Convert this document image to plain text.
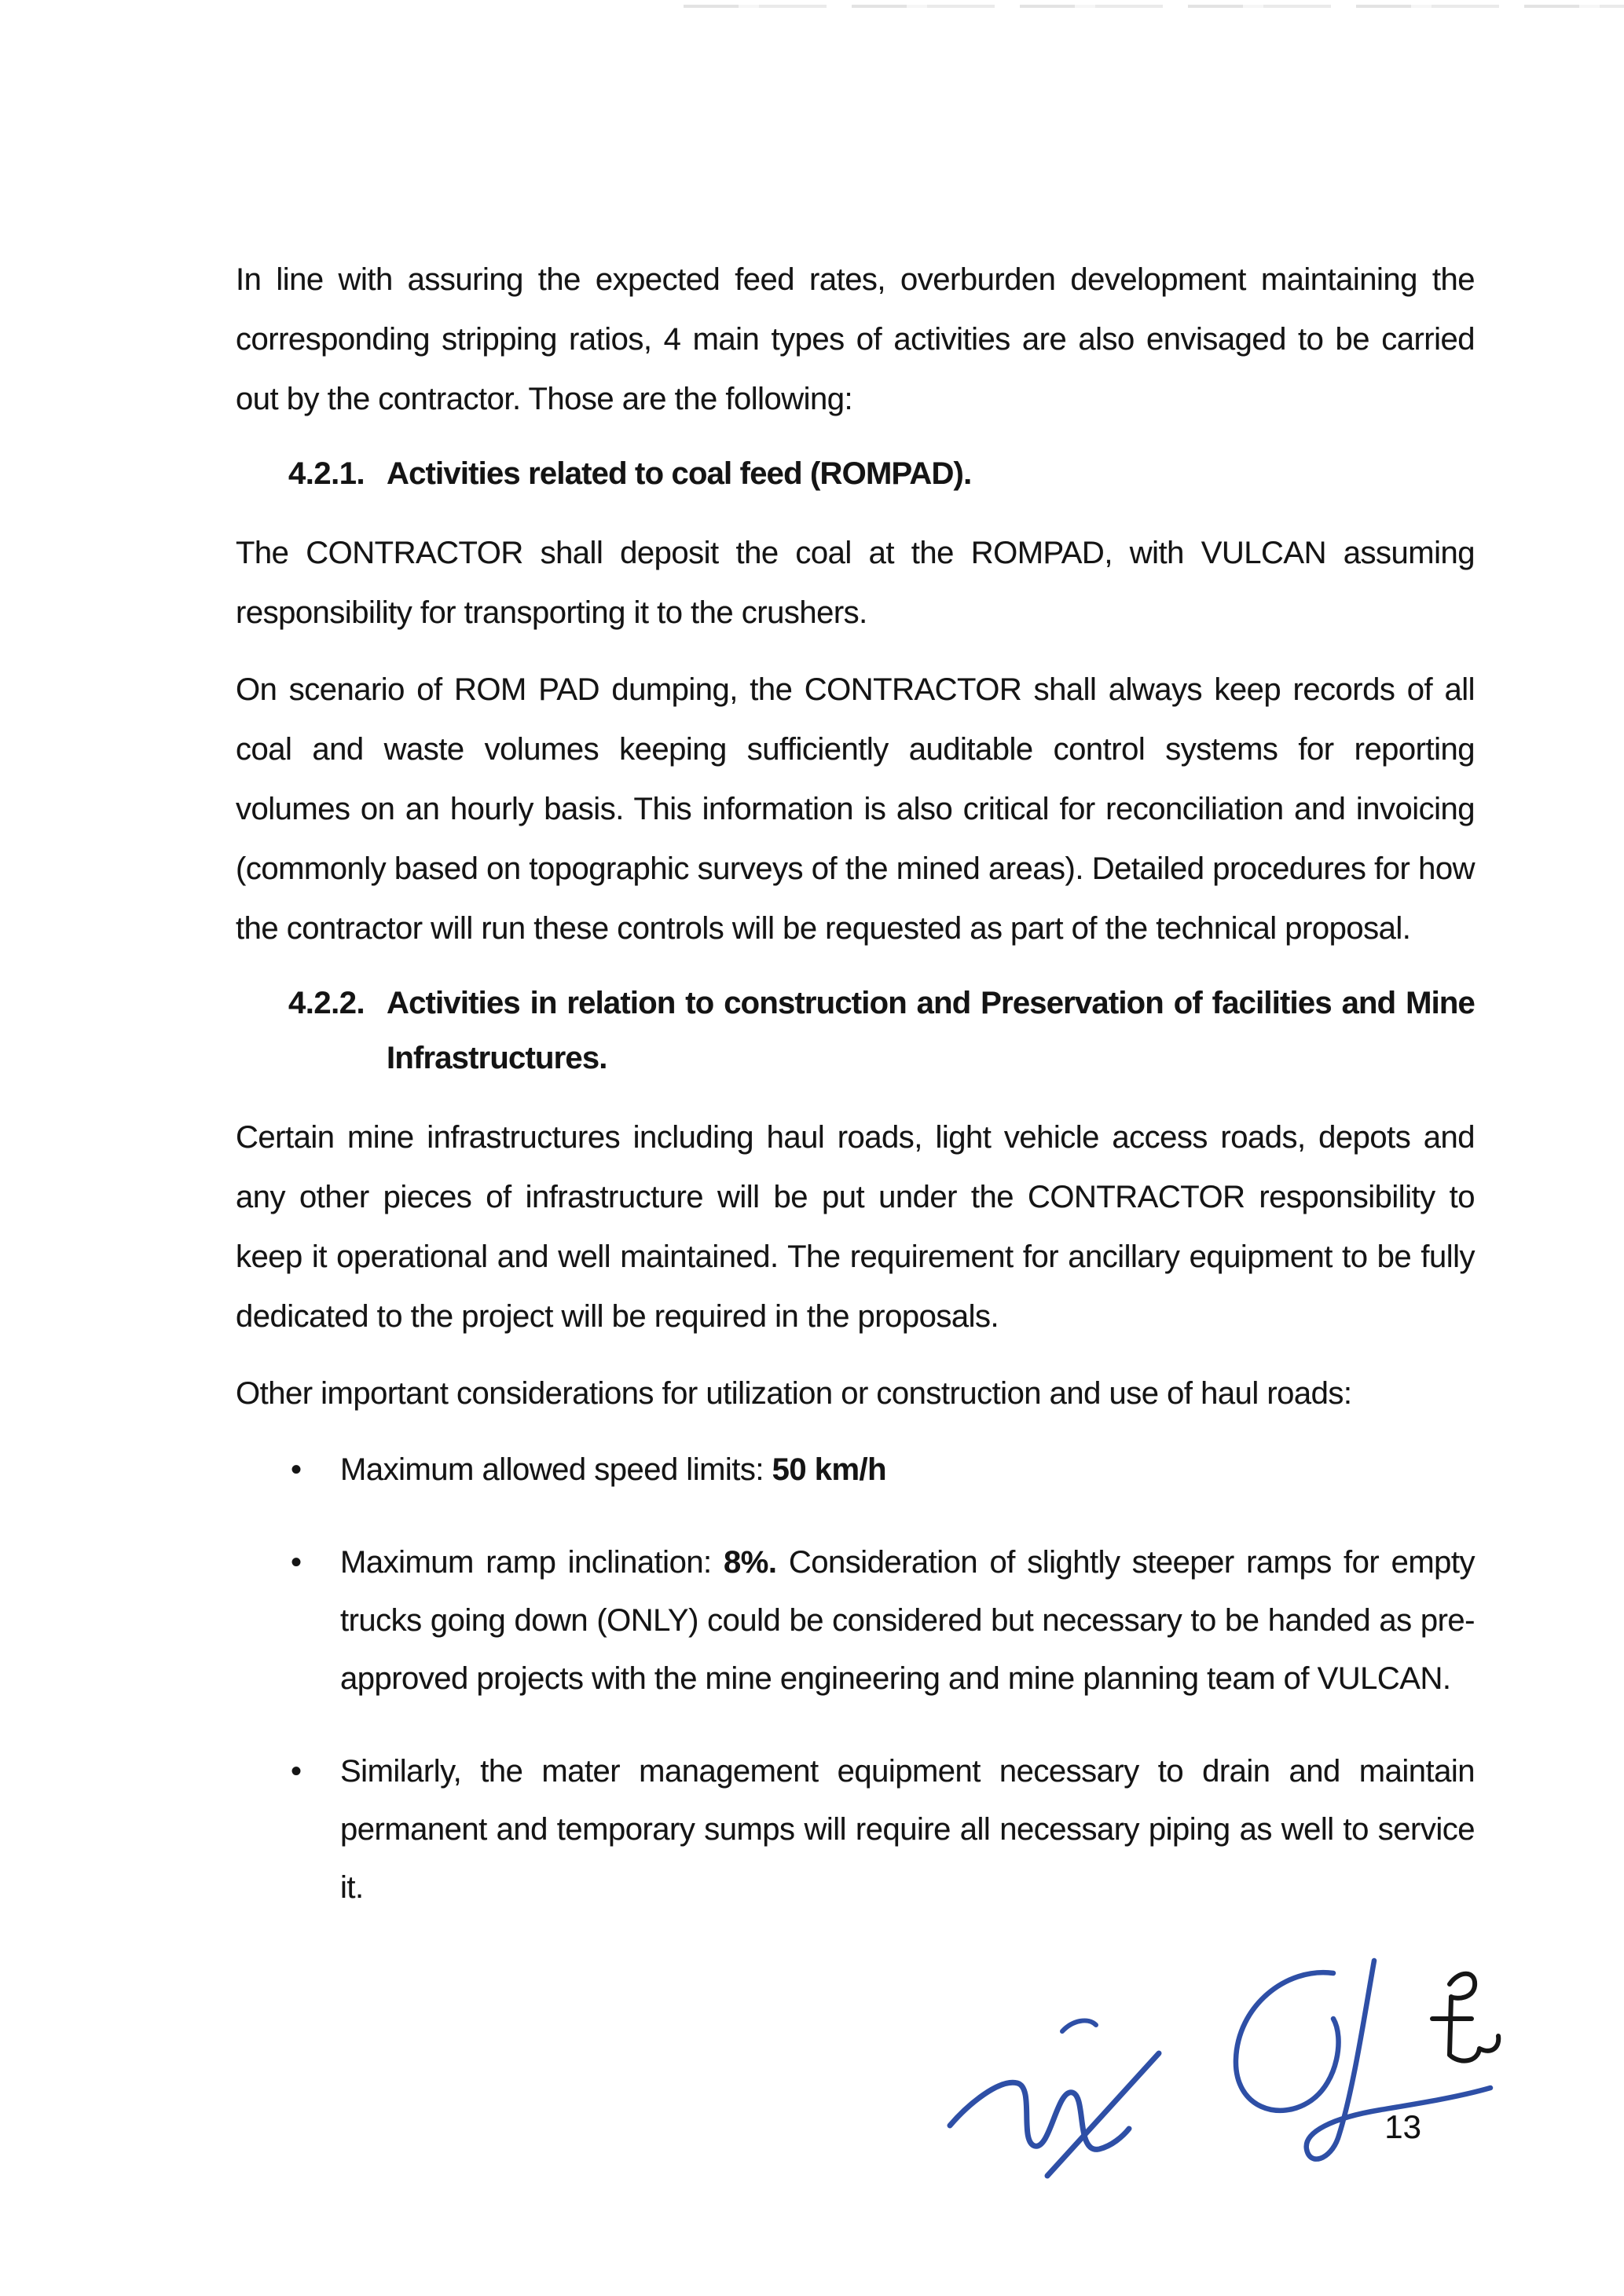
In line with assuring the expected feed rates, overburden development maintaining the corresponding stripping ratios, 4 main types of activities are also envisaged to be carried out by the contractor. Those are the following:

4.2.1. Activities related to coal feed (ROMPAD).

The CONTRACTOR shall deposit the coal at the ROMPAD, with VULCAN assuming responsibility for transporting it to the crushers.

On scenario of ROM PAD dumping, the CONTRACTOR shall always keep records of all coal and waste volumes keeping sufficiently auditable control systems for reporting volumes on an hourly basis. This information is also critical for reconciliation and invoicing (commonly based on topographic surveys of the mined areas). Detailed procedures for how the contractor will run these controls will be requested as part of the technical proposal.

4.2.2. Activities in relation to construction and Preservation of facilities and Mine Infrastructures.

Certain mine infrastructures including haul roads, light vehicle access roads, depots and any other pieces of infrastructure will be put under the CONTRACTOR responsibility to keep it operational and well maintained. The requirement for ancillary equipment to be fully dedicated to the project will be required in the proposals.

Other important considerations for utilization or construction and use of haul roads:

• Maximum allowed speed limits: 50 km/h
• Maximum ramp inclination: 8%. Consideration of slightly steeper ramps for empty trucks going down (ONLY) could be considered but necessary to be handed as pre-approved projects with the mine engineering and mine planning team of VULCAN.
• Similarly, the mater management equipment necessary to drain and maintain permanent and temporary sumps will require all necessary piping as well to service it.
13
